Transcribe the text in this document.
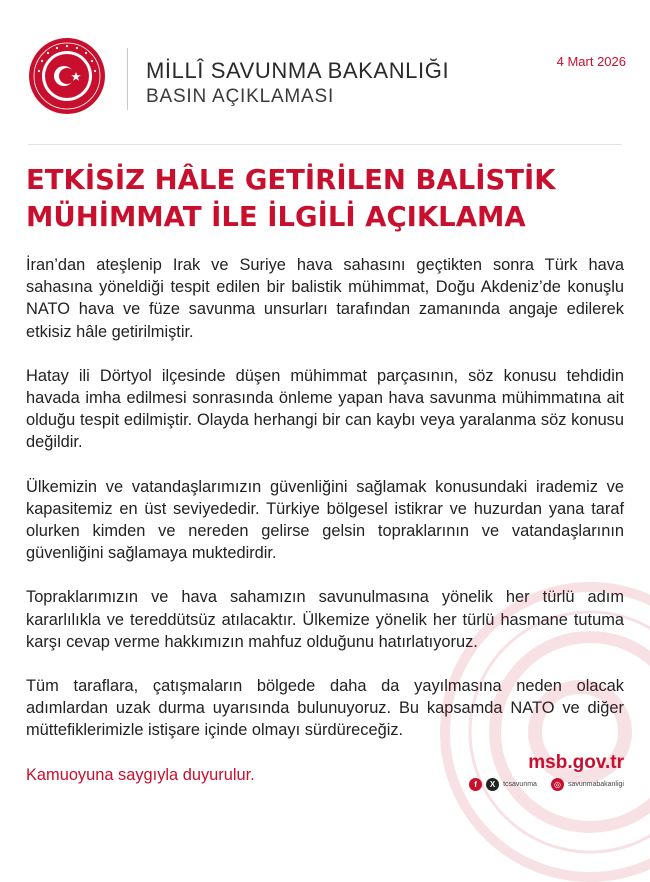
MİLLÎ SAVUNMA BAKANLIĞI
BASIN AÇIKLAMASI
4 Mart 2026
ETKİSİZ HÂLE GETİRİLEN BALİSTİK
MÜHİMMAT İLE İLGİLİ AÇIKLAMA

İran’dan ateşlenip Irak ve Suriye hava sahasını geçtikten sonra Türk hava sahasına yöneldiği tespit edilen bir balistik mühimmat, Doğu Akdeniz’de konuşlu NATO hava ve füze savunma unsurları tarafından zamanında angaje edilerek etkisiz hâle getirilmiştir.

Hatay ili Dörtyol ilçesinde düşen mühimmat parçasının, söz konusu tehdidin havada imha edilmesi sonrasında önleme yapan hava savunma mühimmatına ait olduğu tespit edilmiştir. Olayda herhangi bir can kaybı veya yaralanma söz konusu değildir.

Ülkemizin ve vatandaşlarımızın güvenliğini sağlamak konusundaki irademiz ve kapasitemiz en üst seviyededir. Türkiye bölgesel istikrar ve huzurdan yana taraf olurken kimden ve nereden gelirse gelsin topraklarının ve vatandaşlarının güvenliğini sağlamaya muktedirdir.

Topraklarımızın ve hava sahamızın savunulmasına yönelik her türlü adım kararlılıkla ve tereddütsüz atılacaktır. Ülkemize yönelik her türlü hasmane tutuma karşı cevap verme hakkımızın mahfuz olduğunu hatırlatıyoruz.

Tüm taraflara, çatışmaların bölgede daha da yayılmasına neden olacak adımlardan uzak durma uyarısında bulunuyoruz. Bu kapsamda NATO ve diğer müttefiklerimizle istişare içinde olmayı sürdüreceğiz.

Kamuoyuna saygıyla duyurulur.

msb.gov.tr
f	X	tcsavunma	◎	savunmabakanligi
